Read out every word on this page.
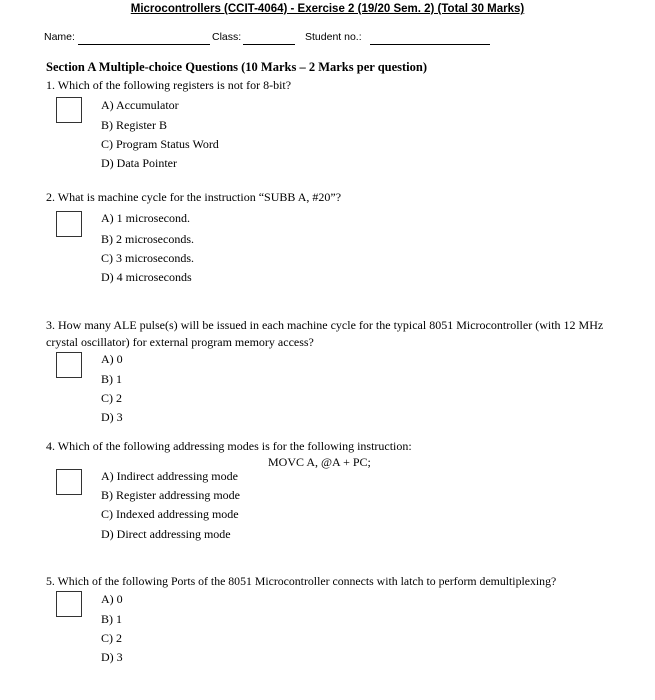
Microcontrollers (CCIT-4064) - Exercise 2 (19/20 Sem. 2) (Total 30 Marks)
Name:	Class:	Student no.:
Section A Multiple-choice Questions (10 Marks – 2 Marks per question)
1. Which of the following registers is not for 8-bit?
A) Accumulator
B) Register B
C) Program Status Word
D) Data Pointer
2. What is machine cycle for the instruction “SUBB A, #20”?
A) 1 microsecond.
B) 2 microseconds.
C) 3 microseconds.
D) 4 microseconds
3. How many ALE pulse(s) will be issued in each machine cycle for the typical 8051 Microcontroller (with 12 MHz crystal oscillator) for external program memory access?
A) 0
B) 1
C) 2
D) 3
4. Which of the following addressing modes is for the following instruction:
MOVC A, @A + PC;
A) Indirect addressing mode
B) Register addressing mode
C) Indexed addressing mode
D) Direct addressing mode
5. Which of the following Ports of the 8051 Microcontroller connects with latch to perform demultiplexing?
A) 0
B) 1
C) 2
D) 3
